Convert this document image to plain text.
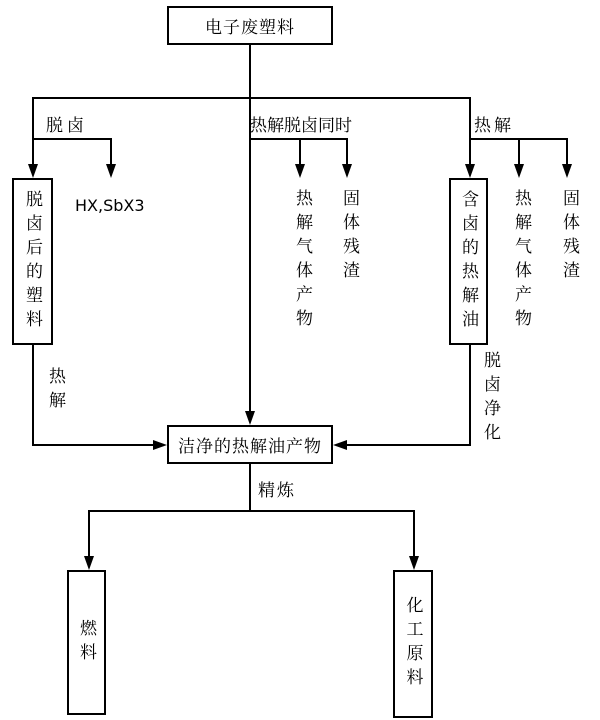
电子废塑料
脱卤后的塑料	含卤的热解油
洁净的热解油产物
燃料	化工原料
脱卤	热解脱卤同时	热解
HX,SbX3	热解气体产物 固体残渣	热解气体产物 固体残渣
热解	脱卤净化
精炼
